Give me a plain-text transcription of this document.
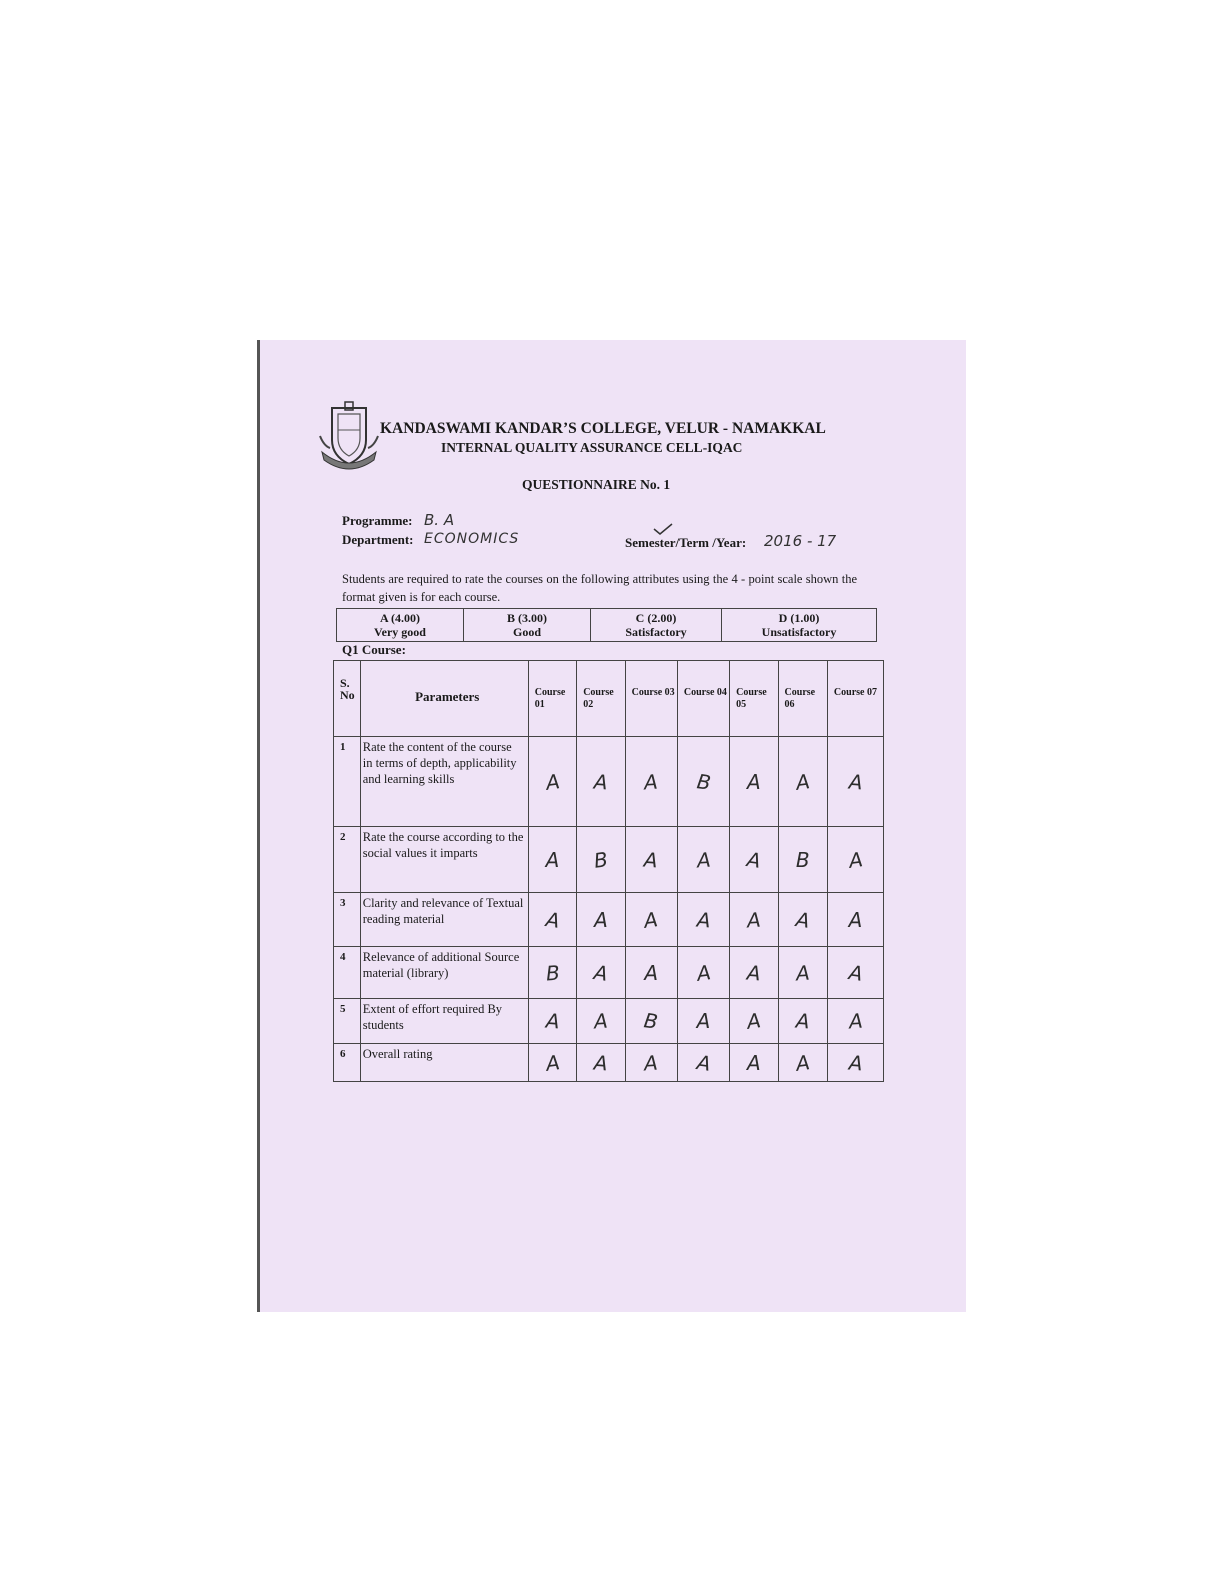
KANDASWAMI KANDAR’S COLLEGE, VELUR - NAMAKKAL
INTERNAL QUALITY ASSURANCE CELL-IQAC
QUESTIONNAIRE No. 1
Programme: B. A
Department: ECONOMICS	Semester/Term /Year: 2016 - 17
Students are required to rate the courses on the following attributes using the 4 - point scale shown the format given is for each course.
A (4.00)
Very good

B (3.00)
Good

C (2.00)
Satisfactory

D (1.00)
Unsatisfactory
Q1 Course:
S. No	Parameters	Course 01	Course 02	Course 03	Course 04	Course 05	Course 06	Course 07
1	Rate the content of the course in terms of depth, applicability and learning skills	A	A	A	B	A	A	A
2	Rate the course according to the social values it imparts	A	B	A	A	A	B	A
3	Clarity and relevance of Textual reading material	A	A	A	A	A	A	A
4	Relevance of additional Source material (library)	B	A	A	A	A	A	A
5	Extent of effort required By students	A	A	B	A	A	A	A
6	Overall rating	A	A	A	A	A	A	A
